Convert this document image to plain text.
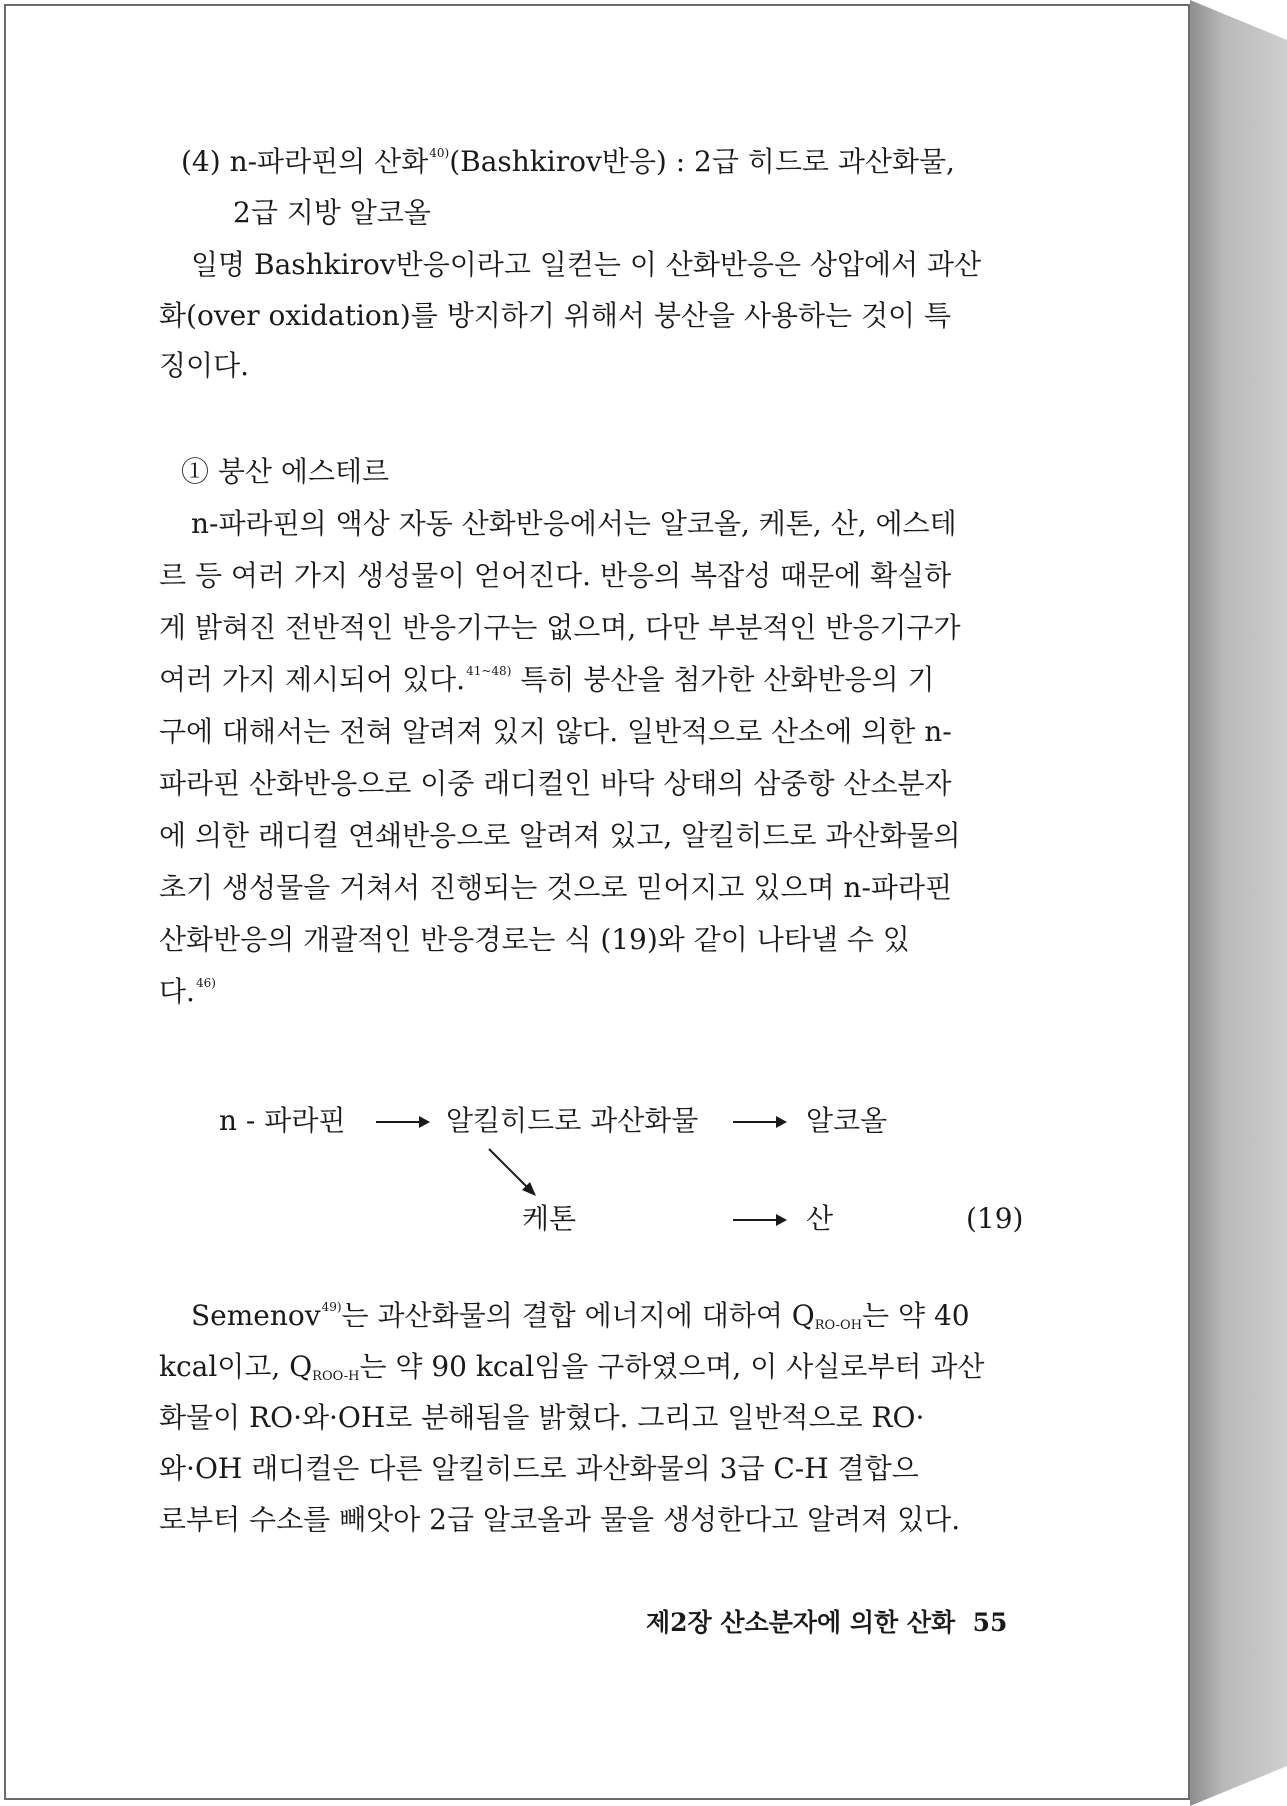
(4) n-파라핀의 산화$^{40)}$(Bashkirov반응) : 2급 히드로 과산화물,
2급 지방 알코올
일명 Bashkirov반응이라고 일컫는 이 산화반응은 상압에서 과산
화(over oxidation)를 방지하기 위해서 붕산을 사용하는 것이 특
징이다.
① 붕산 에스테르
n-파라핀의 액상 자동 산화반응에서는 알코올, 케톤, 산, 에스테
르 등 여러 가지 생성물이 얻어진다. 반응의 복잡성 때문에 확실하
게 밝혀진 전반적인 반응기구는 없으며, 다만 부분적인 반응기구가
여러 가지 제시되어 있다.$^{41\sim 48)}$ 특히 붕산을 첨가한 산화반응의 기
구에 대해서는 전혀 알려져 있지 않다. 일반적으로 산소에 의한 n-
파라핀 산화반응으로 이중 래디컬인 바닥 상태의 삼중항 산소분자
에 의한 래디컬 연쇄반응으로 알려져 있고, 알킬히드로 과산화물의
초기 생성물을 거쳐서 진행되는 것으로 믿어지고 있으며 n-파라핀
산화반응의 개괄적인 반응경로는 식 (19)와 같이 나타낼 수 있
다.$^{46)}$
n - 파라핀	알킬히드로 과산화물	알코올
케톤	산	(19)
Semenov$^{49)}$는 과산화물의 결합 에너지에 대하여 QRO-OH는 약 40
kcal이고, QROO-H는 약 90 kcal임을 구하였으며, 이 사실로부터 과산
화물이 RO·와·OH로 분해됨을 밝혔다. 그리고 일반적으로 RO·
와·OH 래디컬은 다른 알킬히드로 과산화물의 3급 C-H 결합으
로부터 수소를 빼앗아 2급 알코올과 물을 생성한다고 알려져 있다.
제2장 산소분자에 의한 산화 55
